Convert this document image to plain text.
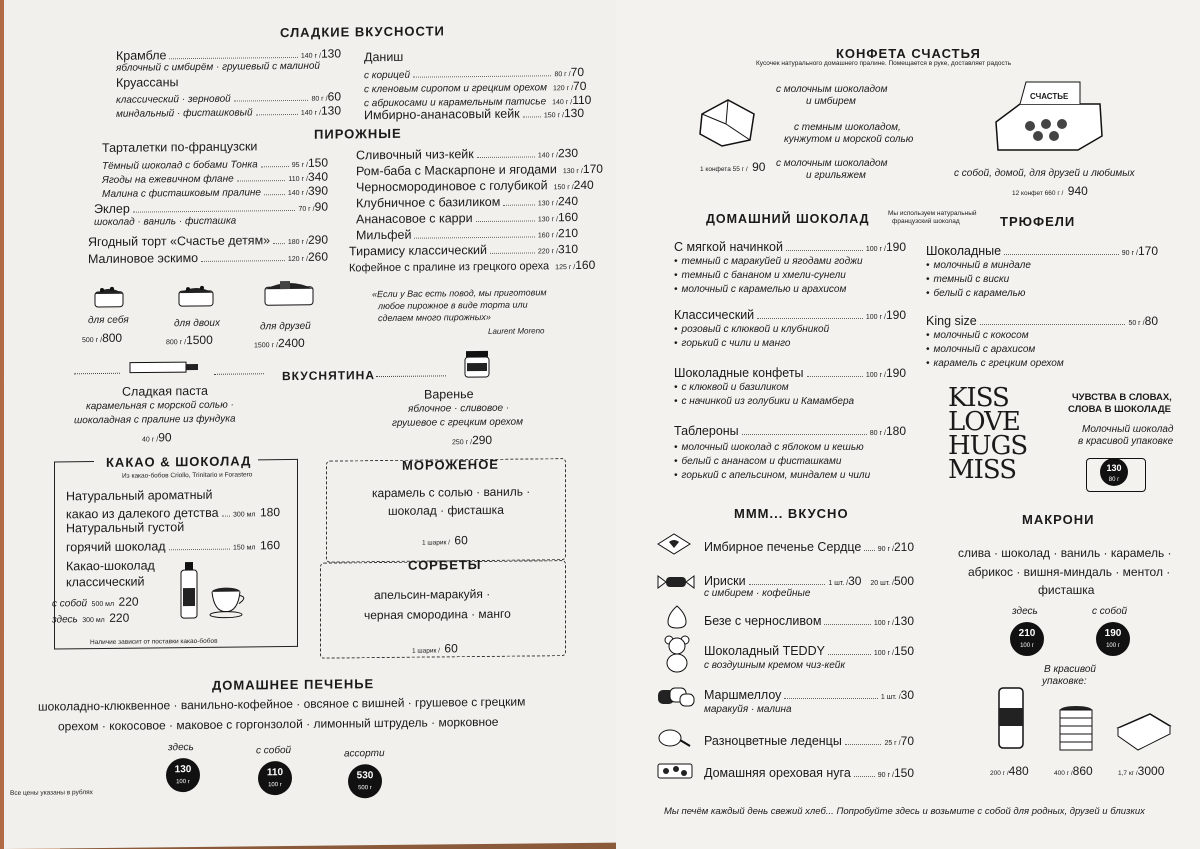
СЛАДКИЕ ВКУСНОСТИ
Крамбле	140 г / 130
яблочный с имбирём · грушевый с малиной
Круассаны
классический · зерновой	80 г / 60
миндальный · фисташковый	140 г / 130
Даниш
с корицей	80 г / 70
с кленовым сиропом и грецким орехом 120 г / 70
с абрикосами и карамельным патисье 140 г / 110
Имбирно-ананасовый кейк	150 г / 130
ПИРОЖНЫЕ
Тарталетки по-французски
Тёмный шоколад с бобами Тонка	95 г / 150
Ягоды на ежевичном флане	110 г / 340
Малина с фисташковым пралине	140 г / 390
Эклер	70 г / 90
шоколад · ваниль · фисташка
Ягодный торт «Счастье детям»	180 г / 290
Малиновое эскимо	120 г / 260
Сливочный чиз-кейк	140 г / 230
Ром-баба с Маскарпоне и ягодами 130 г / 170
Черносмородиновое с голубикой 150 г / 240
Клубничное с базиликом	130 г / 240
Ананасовое с карри	130 г / 160
Мильфей	160 г / 210
Тирамису классический	220 г / 310
Кофейное с пралине из грецкого ореха 125 г / 160
для себя
500 г /800
для двоих
800 г /1500
для друзей
1500 г /2400
«Если у Вас есть повод, мы приготовим
любое пирожное в виде торта или
сделаем много пирожных»
Laurent Moreno
ВКУСНЯТИНА
Сладкая паста
карамельная с морской солью ·
шоколадная с пралине из фундука
40 г /90
Варенье
яблочное · сливовое ·
грушевое с грецким орехом
250 г /290
КАКАО & ШОКОЛАД
Из какао-бобов Criollo, Trinitario и Forastero
Натуральный ароматный
какао из далекого детства 300 мл
180
Натуральный густой
горячий шоколад	150 мл
160
Какао-шоколад
классический
с собой 500 мл 220
здесь 300 мл 220
Наличие зависит от поставки какао-бобов
МОРОЖЕНОЕ
карамель с солью · ваниль ·
шоколад · фисташка
1 шарик / 60
СОРБЕТЫ
апельсин-маракуйя ·
черная смородина · манго
1 шарик / 60
ДОМАШНЕЕ ПЕЧЕНЬЕ
шоколадно-клюквенное · ванильно-кофейное · овсяное с вишней · грушевое с грецким
орехом · кокосовое · маковое с горгонзолой · лимонный штрудель · морковное
здесь
130
100 г
с собой
110
100 г
ассорти
530
500 г
Все цены указаны в рублях
КОНФЕТА СЧАСТЬЯ
Кусочек натурального домашнего пралине. Помещается в руке, доставляет радость
с молочным шоколадом
и имбирем
с темным шоколадом,
кунжутом и морской солью
с молочным шоколадом
и грильяжем
1 конфета 55 г / 90
СЧАСТЬЕ
с собой, домой, для друзей и любимых
12 конфет 660 г / 940
ДОМАШНИЙ ШОКОЛАД	Мы используем натуральный
французский шоколад
С мягкой начинкой	100 г / 190
• темный с маракуйей и ягодами годжи
• темный с бананом и хмели-сунели
• молочный с карамелью и арахисом
Классический	100 г / 190
• розовый с клюквой и клубникой
• горький с чили и манго
Шоколадные конфеты	100 г / 190
• с клюквой и базиликом
• с начинкой из голубики и Камамбера
Таблероны	80 г / 180
• молочный шоколад с яблоком и кешью
• белый с ананасом и фисташками
• горький с апельсином, миндалем и чили
ТРЮФЕЛИ
Шоколадные	90 г / 170
• молочный в миндале
• темный с виски
• белый с карамелью
King size	50 г / 80
• молочный с кокосом
• молочный с арахисом
• карамель с грецким орехом
KISS
LOVE
HUGS
MISS
ЧУВСТВА В СЛОВАХ,
СЛОВА В ШОКОЛАДЕ
Молочный шоколад
в красивой упаковке
130
80 г
МММ... ВКУСНО
Имбирное печенье Сердце 90 г / 210
Ириски	1 шт. / 30
20 шт. / 500
с имбирем · кофейные
Безе с черносливом	100 г / 130
Шоколадный TEDDY	100 г / 150
с воздушным кремом чиз-кейк
Маршмеллоу	1 шт. / 30
маракуйя · малина
Разноцветные леденцы	25 г / 70
Домашняя ореховая нуга	90 г / 150
МАКРОНИ
слива · шоколад · ваниль · карамель ·
абрикос · вишня-миндаль · ментол ·
фисташка
здесь
210
100 г
с собой
190
100 г
В красивой
упаковке:
200 г /480	400 г /860	1,7 кг /3000
Мы печём каждый день свежий хлеб... Попробуйте здесь и возьмите с собой для родных, друзей и близких
